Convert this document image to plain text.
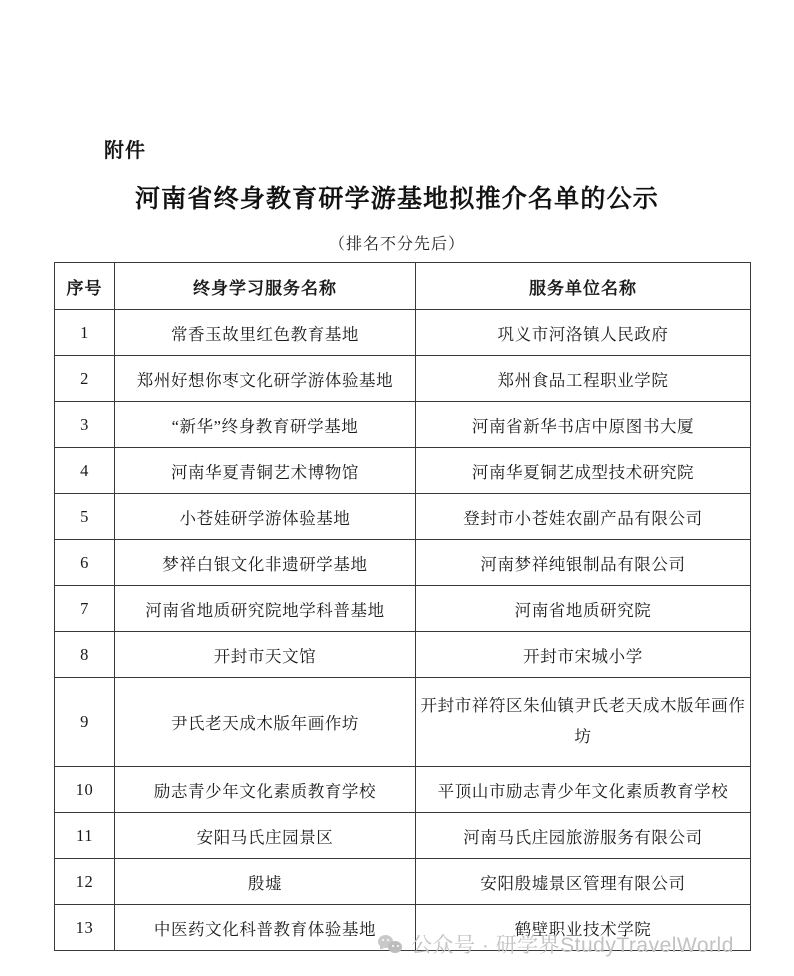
附件
河南省终身教育研学游基地拟推介名单的公示
（排名不分先后）
序号	终身学习服务名称	服务单位名称
1	常香玉故里红色教育基地	巩义市河洛镇人民政府
2	郑州好想你枣文化研学游体验基地	郑州食品工程职业学院
3	“新华”终身教育研学基地	河南省新华书店中原图书大厦
4	河南华夏青铜艺术博物馆	河南华夏铜艺成型技术研究院
5	小苍娃研学游体验基地	登封市小苍娃农副产品有限公司
6	梦祥白银文化非遗研学基地	河南梦祥纯银制品有限公司
7	河南省地质研究院地学科普基地	河南省地质研究院
8	开封市天文馆	开封市宋城小学
9	尹氏老天成木版年画作坊	开封市祥符区朱仙镇尹氏老天成木版年画作坊
10	励志青少年文化素质教育学校	平顶山市励志青少年文化素质教育学校
11	安阳马氏庄园景区	河南马氏庄园旅游服务有限公司
12	殷墟	安阳殷墟景区管理有限公司
13	中医药文化科普教育体验基地	鹤壁职业技术学院
公众号 · 研学界StudyTravelWorld
